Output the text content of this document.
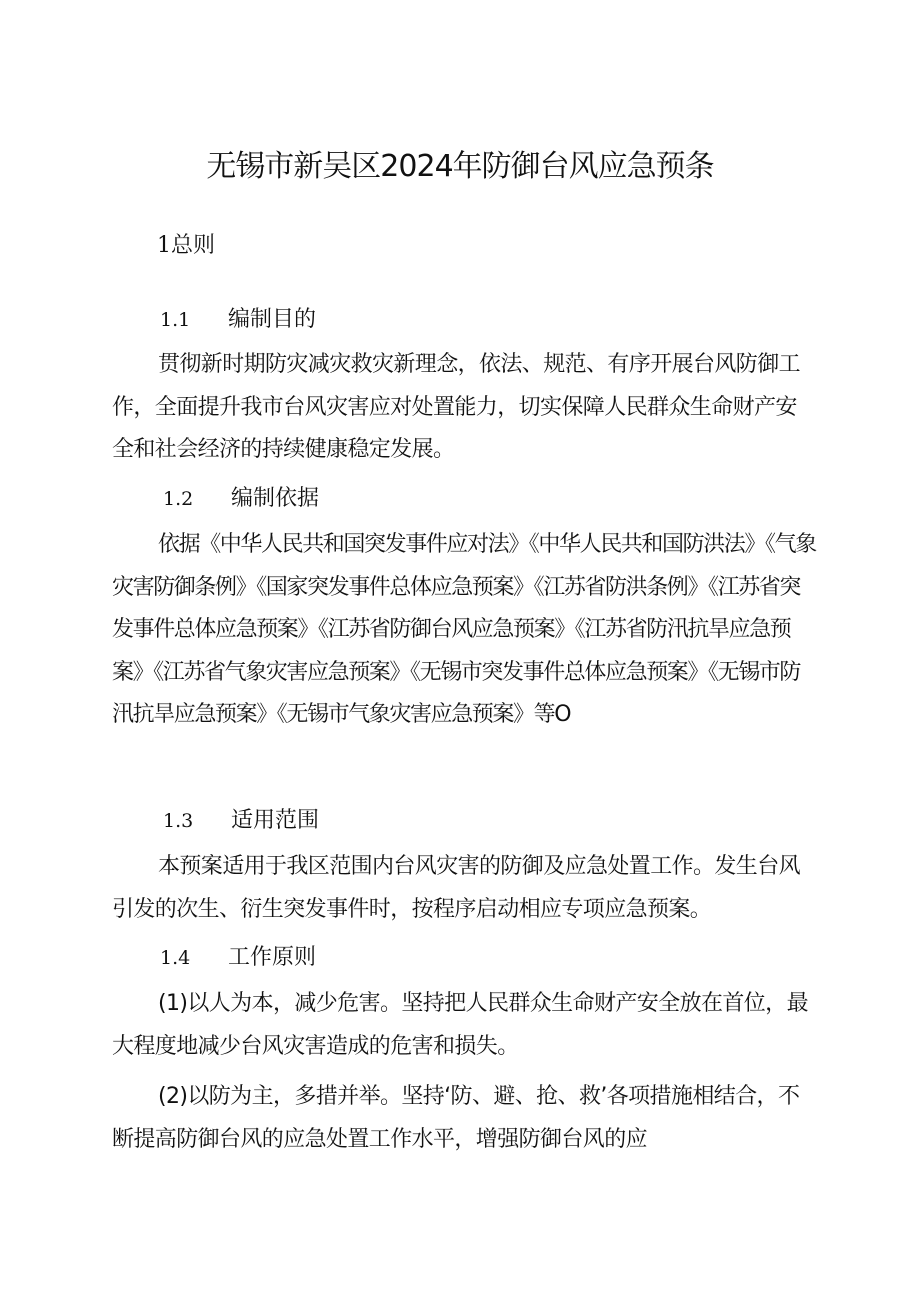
无锡市新吴区2024年防御台风应急预条
1总则
1.1 编制目的

贯彻新时期防灾减灾救灾新理念，依法、规范、有序开展台风防御工作，全面提升我市台风灾害应对处置能力，切实保障人民群众生命财产安全和社会经济的持续健康稳定发展。

1.2 编制依据

依据《中华人民共和国突发事件应对法》《中华人民共和国防洪法》《气象灾害防御条例》《国家突发事件总体应急预案》《江苏省防洪条例》《江苏省突发事件总体应急预案》《江苏省防御台风应急预案》《江苏省防汛抗旱应急预案》《江苏省气象灾害应急预案》《无锡市突发事件总体应急预案》《无锡市防汛抗旱应急预案》《无锡市气象灾害应急预案》等O

1.3 适用范围

本预案适用于我区范围内台风灾害的防御及应急处置工作。发生台风引发的次生、衍生突发事件时，按程序启动相应专项应急预案。

1.4 工作原则

(1)以人为本，减少危害。坚持把人民群众生命财产安全放在首位，最大程度地减少台风灾害造成的危害和损失。

(2)以防为主，多措并举。坚持‘防、避、抢、救’各项措施相结合，不断提高防御台风的应急处置工作水平，增强防御台风的应
